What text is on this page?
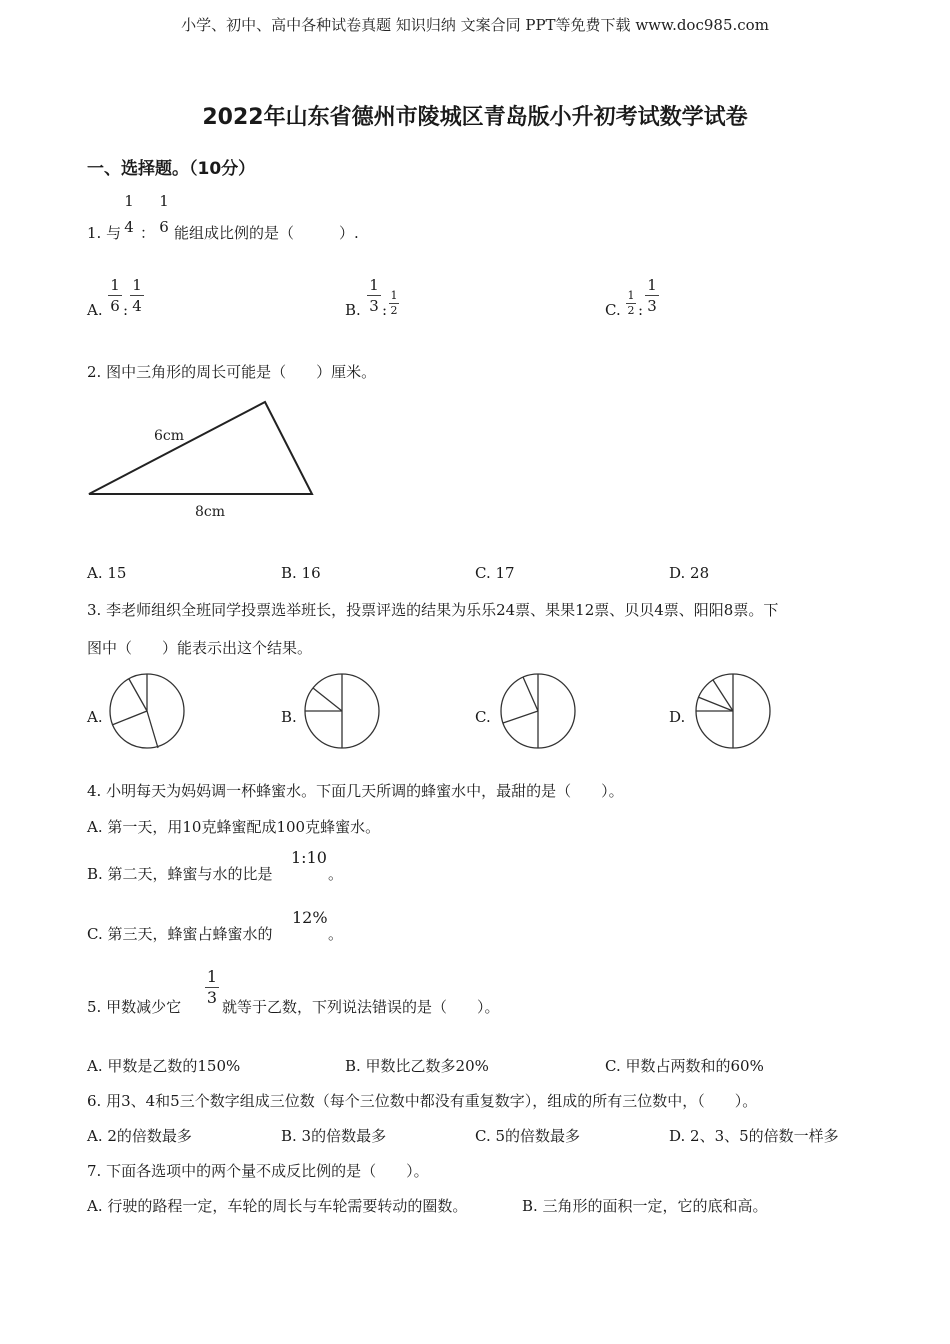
小学、初中、高中各种试卷真题 知识归纳 文案合同 PPT等免费下载 www.doc985.com
2022年山东省德州市陵城区青岛版小升初考试数学试卷
一、选择题。（10分）
1. 与
1
4 ：
1
6 能组成比例的是（　　　）.
A.
1
6 :
1
4	B.
1
3 :
1
2	C.
1
2 :
1
3
2. 图中三角形的周长可能是（　　）厘米。
6cm
8cm
A. 15	B. 16	C. 17	D. 28
3. 李老师组织全班同学投票选举班长，投票评选的结果为乐乐24票、果果12票、贝贝4票、阳阳8票。下
图中（　　）能表示出这个结果。
A.	B.	C.	D.
4. 小明每天为妈妈调一杯蜂蜜水。下面几天所调的蜂蜜水中，最甜的是（　　）。
A. 第一天，用10克蜂蜜配成100克蜂蜜水。
B. 第二天，蜂蜜与水的比是
1:10
。
C. 第三天，蜂蜜占蜂蜜水的
12%
。
5. 甲数减少它
1
3 就等于乙数，下列说法错误的是（　　）。
A. 甲数是乙数的150%	B. 甲数比乙数多20%	C. 甲数占两数和的60%
6. 用3、4和5三个数字组成三位数（每个三位数中都没有重复数字），组成的所有三位数中，（　　）。
A. 2的倍数最多	B. 3的倍数最多	C. 5的倍数最多	D. 2、3、5的倍数一样多
7. 下面各选项中的两个量不成反比例的是（　　）。
A. 行驶的路程一定，车轮的周长与车轮需要转动的圈数。	B. 三角形的面积一定，它的底和高。
